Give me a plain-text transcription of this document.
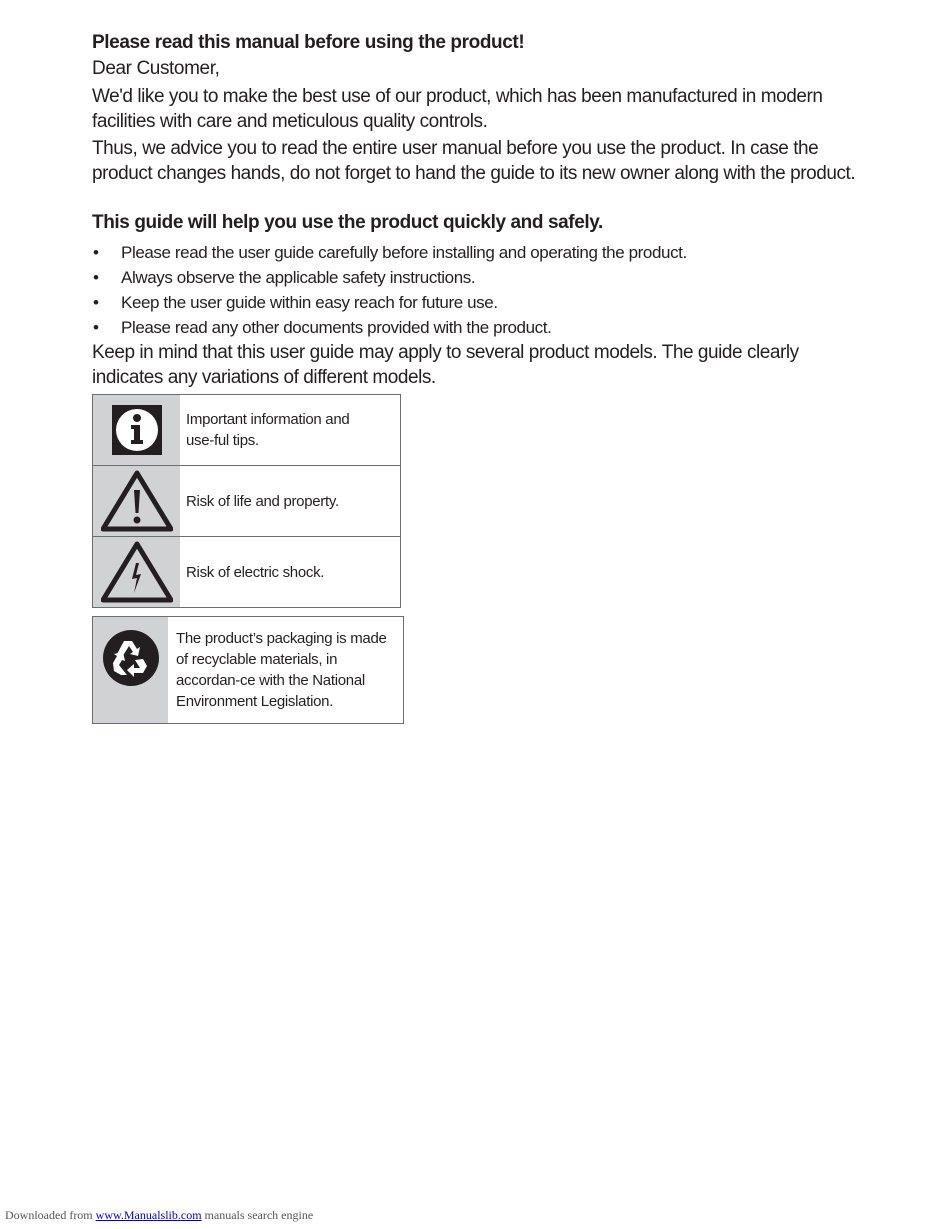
Please read this manual before using the product!

Dear Customer,

We'd like you to make the best use of our product, which has been manufactured in modern facilities with care and meticulous quality controls.

Thus, we advice you to read the entire user manual before you use the product. In case the product changes hands, do not forget to hand the guide to its new owner along with the product.

This guide will help you use the product quickly and safely.

• Please read the user guide carefully before installing and operating the product.
• Always observe the applicable safety instructions.
• Keep the user guide within easy reach for future use.
• Please read any other documents provided with the product.

Keep in mind that this user guide may apply to several product models. The guide clearly indicates any variations of different models.

Important information and use-ful tips.
Risk of life and property.
Risk of electric shock.
The product’s packaging is made of recyclable materials, in accordan-ce with the National Environment Legislation.
Downloaded from www.Manualslib.com manuals search engine
